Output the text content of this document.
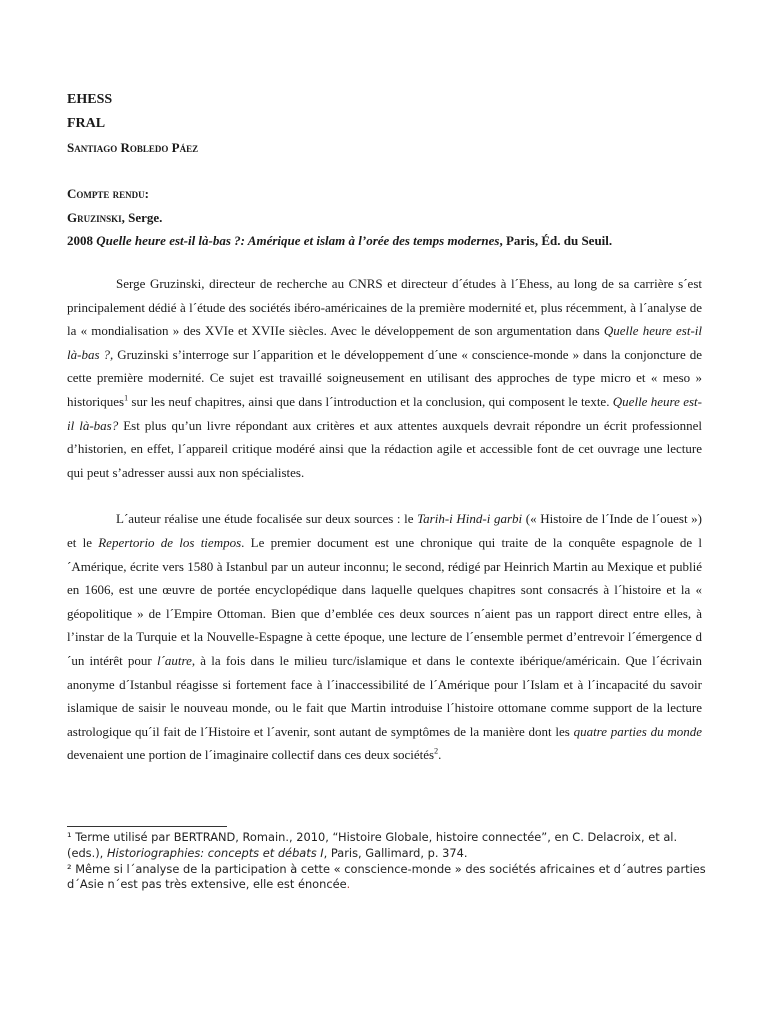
EHESS

FRAL

Santiago Robledo Páez

Compte rendu:

Gruzinski, Serge.

2008 Quelle heure est-il là-bas ?: Amérique et islam à l’orée des temps modernes, Paris, Éd. du Seuil.

Serge Gruzinski, directeur de recherche au CNRS et directeur d´études à l´Ehess, au long de sa carrière s´est principalement dédié à l´étude des sociétés ibéro-américaines de la première modernité et, plus récemment, à l´analyse de la « mondialisation » des XVIe et XVIIe siècles. Avec le développement de son argumentation dans Quelle heure est-il là-bas ?, Gruzinski s’interroge sur l´apparition et le développement d´une « conscience-monde » dans la conjoncture de cette première modernité. Ce sujet est travaillé soigneusement en utilisant des approches de type micro et « meso » historiques$^1$ sur les neuf chapitres, ainsi que dans l´introduction et la conclusion, qui composent le texte. Quelle heure est-il là-bas? Est plus qu’un livre répondant aux critères et aux attentes auxquels devrait répondre un écrit professionnel d’historien, en effet, l´appareil critique modéré ainsi que la rédaction agile et accessible font de cet ouvrage une lecture qui peut s’adresser aussi aux non spécialistes.

L´auteur réalise une étude focalisée sur deux sources : le Tarih-i Hind-i garbi (« Histoire de l´Inde de l´ouest ») et le Repertorio de los tiempos. Le premier document est une chronique qui traite de la conquête espagnole de l´Amérique, écrite vers 1580 à Istanbul par un auteur inconnu; le second, rédigé par Heinrich Martin au Mexique et publié en 1606, est une œuvre de portée encyclopédique dans laquelle quelques chapitres sont consacrés à l´histoire et la « géopolitique » de l´Empire Ottoman. Bien que d’emblée ces deux sources n´aient pas un rapport direct entre elles, à l’instar de la Turquie et la Nouvelle-Espagne à cette époque, une lecture de l´ensemble permet d’entrevoir l´émergence d´un intérêt pour l´autre, à la fois dans le milieu turc/islamique et dans le contexte ibérique/américain. Que l´écrivain anonyme d´Istanbul réagisse si fortement face à l´inaccessibilité de l´Amérique pour l´Islam et à l´incapacité du savoir islamique de saisir le nouveau monde, ou le fait que Martin introduise l´histoire ottomane comme support de la lecture astrologique qu´il fait de l´Histoire et l´avenir, sont autant de symptômes de la manière dont les quatre parties du monde devenaient une portion de l´imaginaire collectif dans ces deux sociétés$^2$.

¹ Terme utilisé par BERTRAND, Romain., 2010, “Histoire Globale, histoire connectée”, en C. Delacroix, et al. (eds.), Historiographies: concepts et débats I, Paris, Gallimard, p. 374.

² Même si l´analyse de la participation à cette « conscience-monde » des sociétés africaines et d´autres parties d´Asie n´est pas très extensive, elle est énoncée.
